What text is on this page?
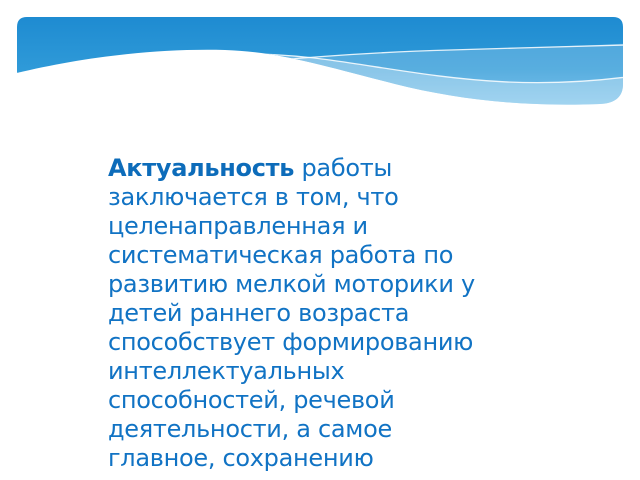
Актуальность работы
заключается в том, что
целенаправленная и
систематическая работа по
развитию мелкой моторики у
детей раннего возраста
способствует формированию
интеллектуальных
способностей, речевой
деятельности, а самое
главное, сохранению
